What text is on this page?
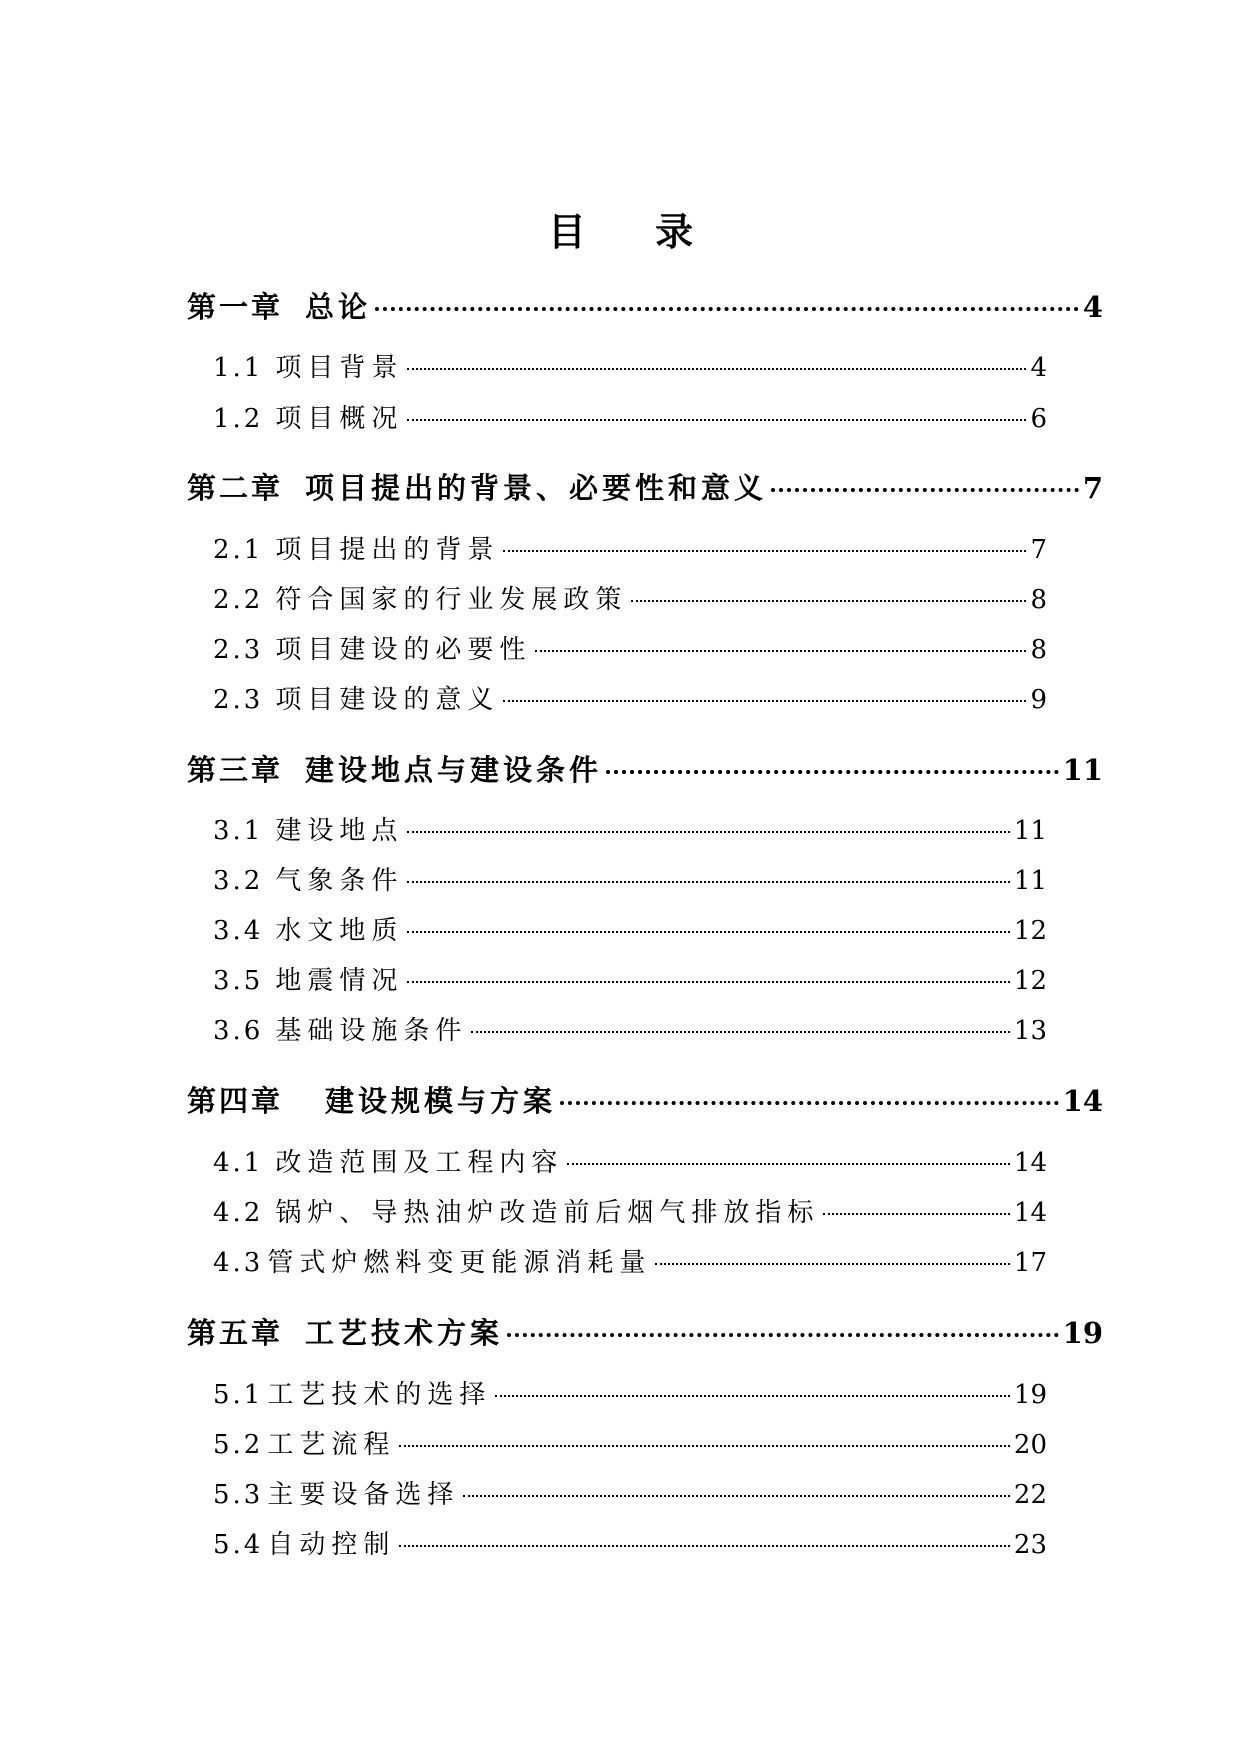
目 录
第一章 总论	4
1.1 项目背景	4
1.2 项目概况	6
第二章 项目提出的背景、必要性和意义	7
2.1 项目提出的背景	7
2.2 符合国家的行业发展政策	8
2.3 项目建设的必要性	8
2.3 项目建设的意义	9
第三章 建设地点与建设条件	11
3.1 建设地点	11
3.2 气象条件	11
3.4 水文地质	12
3.5 地震情况	12
3.6 基础设施条件	13
第四章 建设规模与方案	14
4.1 改造范围及工程内容	14
4.2 锅炉、导热油炉改造前后烟气排放指标	14
4.3 管式炉燃料变更能源消耗量	17
第五章 工艺技术方案	19
5.1 工艺技术的选择	19
5.2 工艺流程	20
5.3 主要设备选择	22
5.4 自动控制	23
